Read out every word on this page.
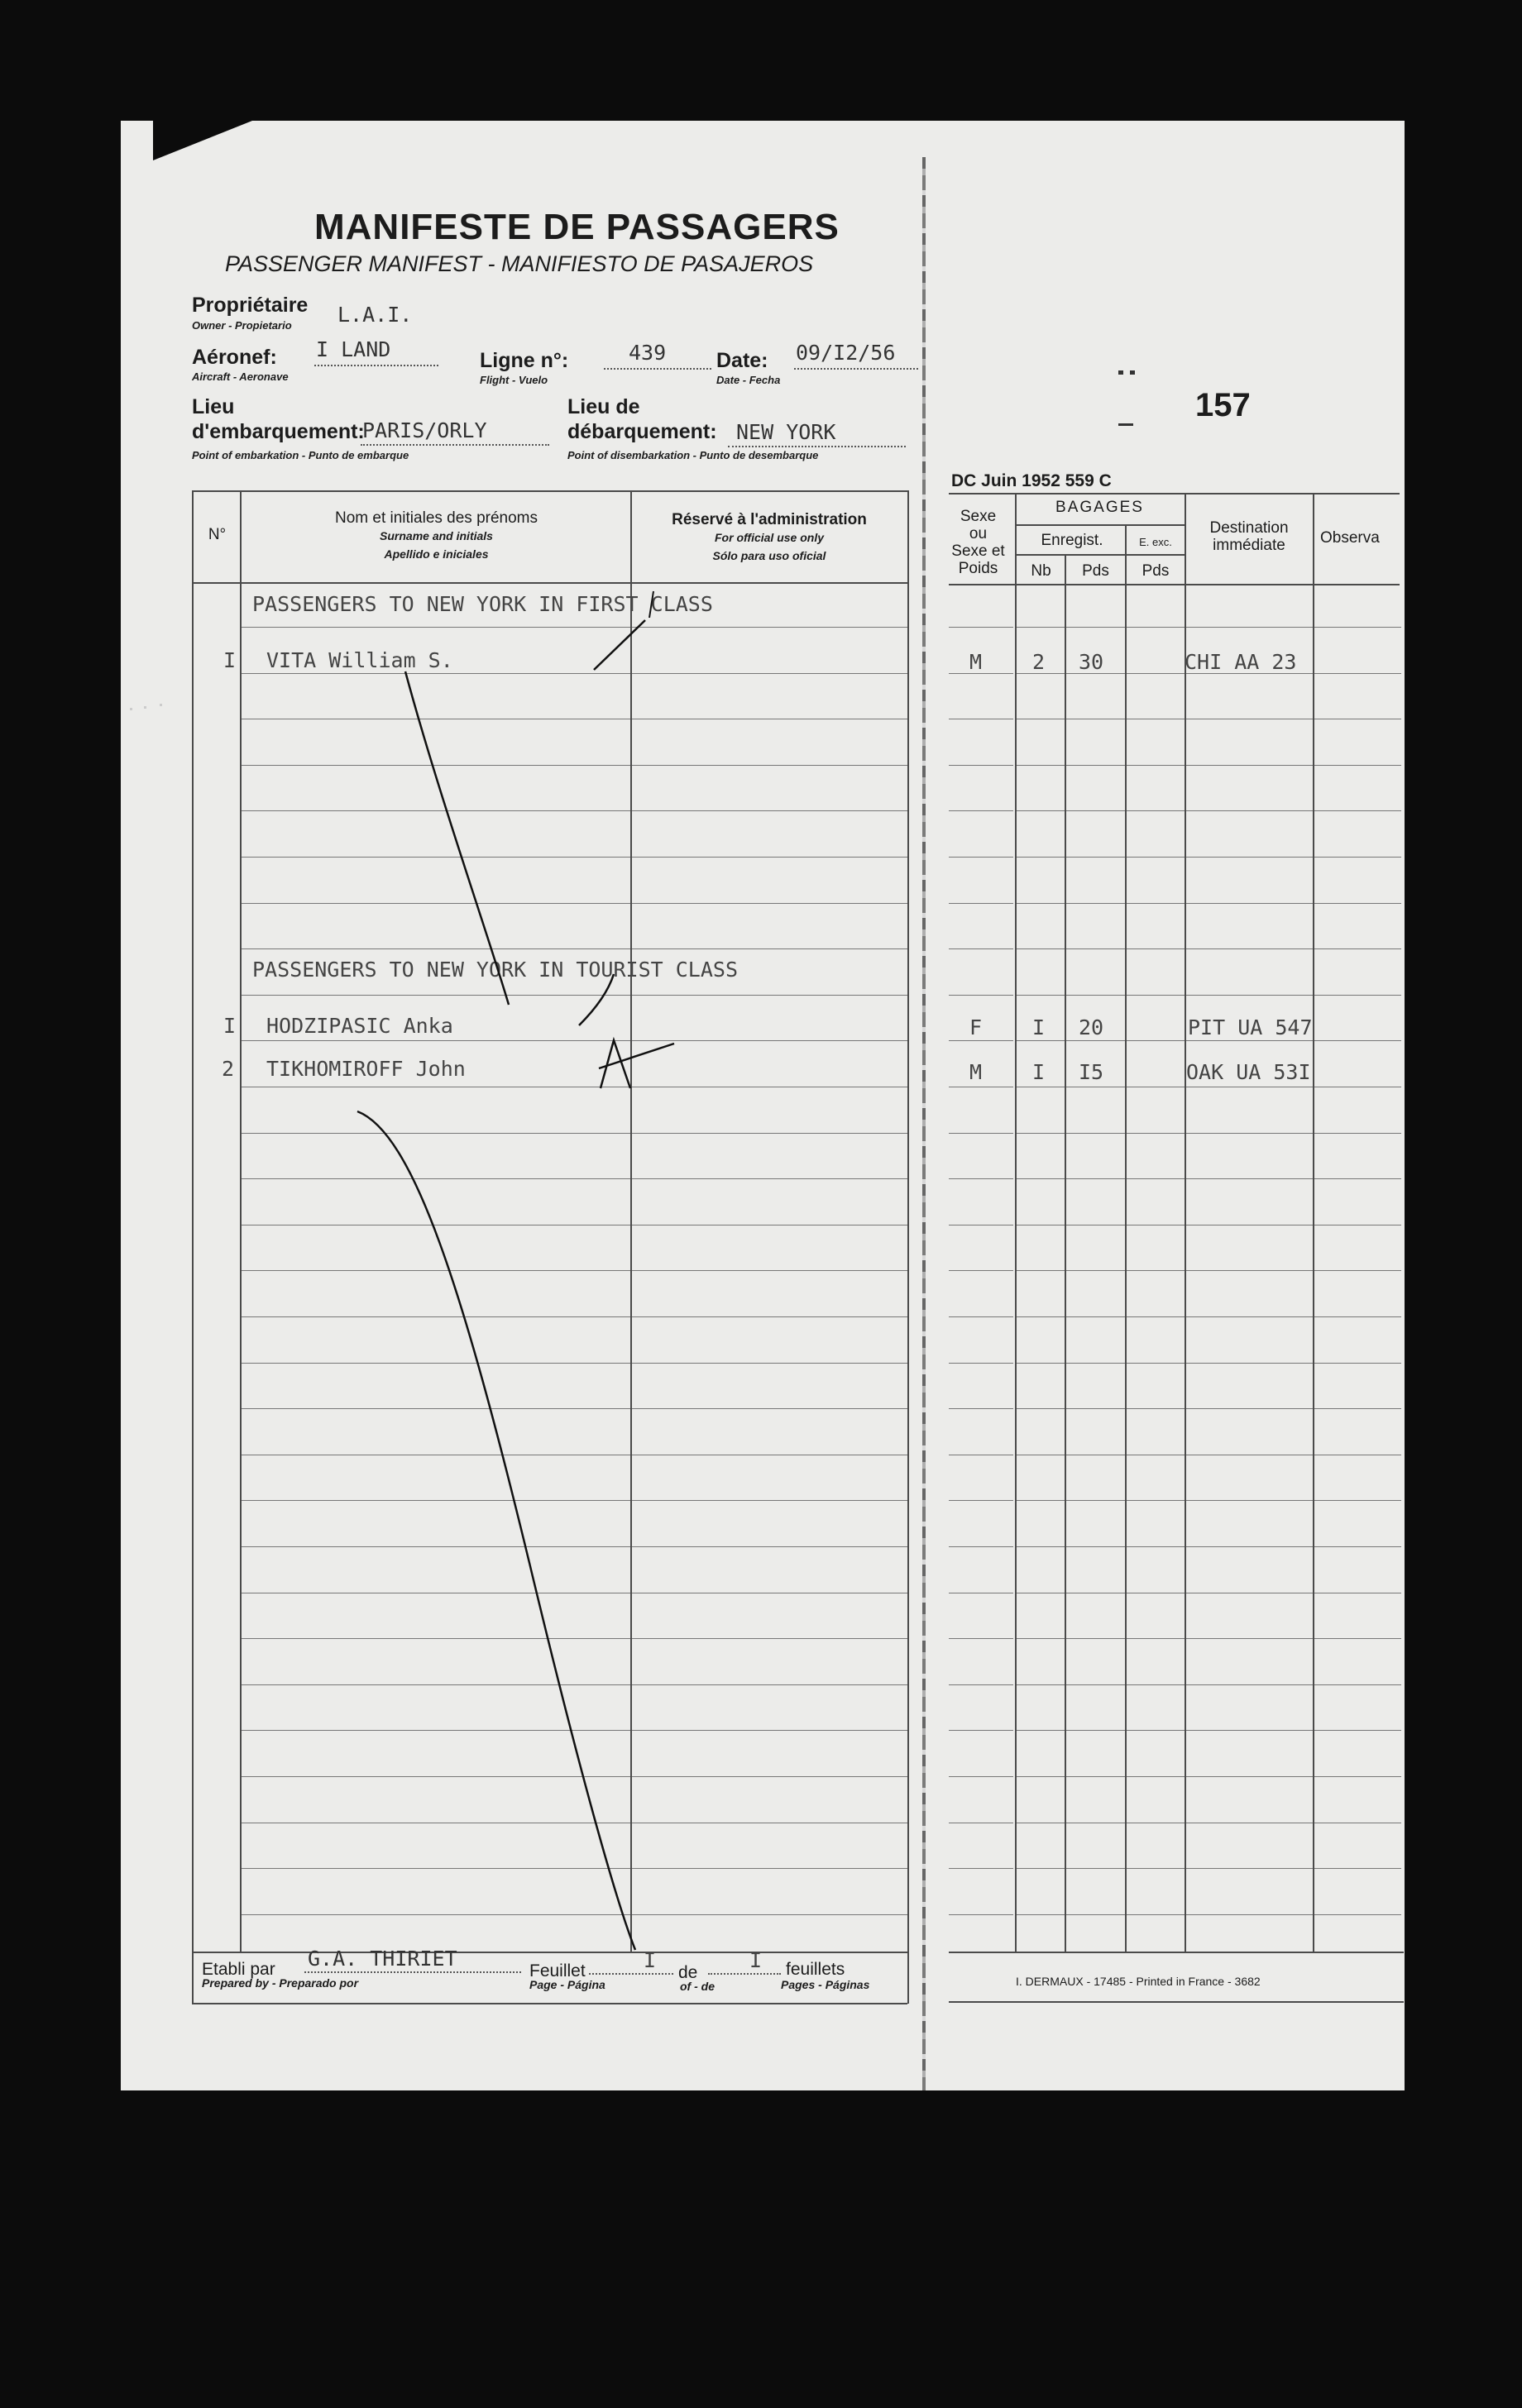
MANIFESTE DE PASSAGERS
PASSENGER MANIFEST - MANIFIESTO DE PASAJEROS
Propriétaire
Owner - Propietario L.A.I.
Aéronef:
Aircraft - Aeronave
I LAND	Ligne n°:
Flight - Vuelo
439 Date:
Date - Fecha
09/I2/56
Lieu
d'embarquement:
Point of embarkation - Punto de embarque
PARIS/ORLY
Lieu de
débarquement:
Point of disembarkation - Punto de desembarque
NEW YORK
157
DC Juin 1952 559 C
N°
Nom et initiales des prénoms
Surname and initials
Apellido e iniciales
Réservé à l'administration
For official use only
Sólo para uso oficial
Sexe
ou
Sexe et
Poids
BAGAGES
Enregist.	E. exc.
Nb	Pds	Pds
Destination
immédiate	Observa
PASSENGERS TO NEW YORK IN FIRST CLASS
I VITA William S.	M 2 30	CHI AA 23
PASSENGERS TO NEW YORK IN TOURIST CLASS
I HODZIPASIC Anka	F I 20	PIT UA 547
2 TIKHOMIROFF John	M I I5	OAK UA 53I
Etabli par
Prepared by - Preparado por
G.A. THIRIET
Feuillet
Page - Página
I
de
of - de
I feuillets
Pages - Páginas	I. DERMAUX - 17485 - Printed in France - 3682
